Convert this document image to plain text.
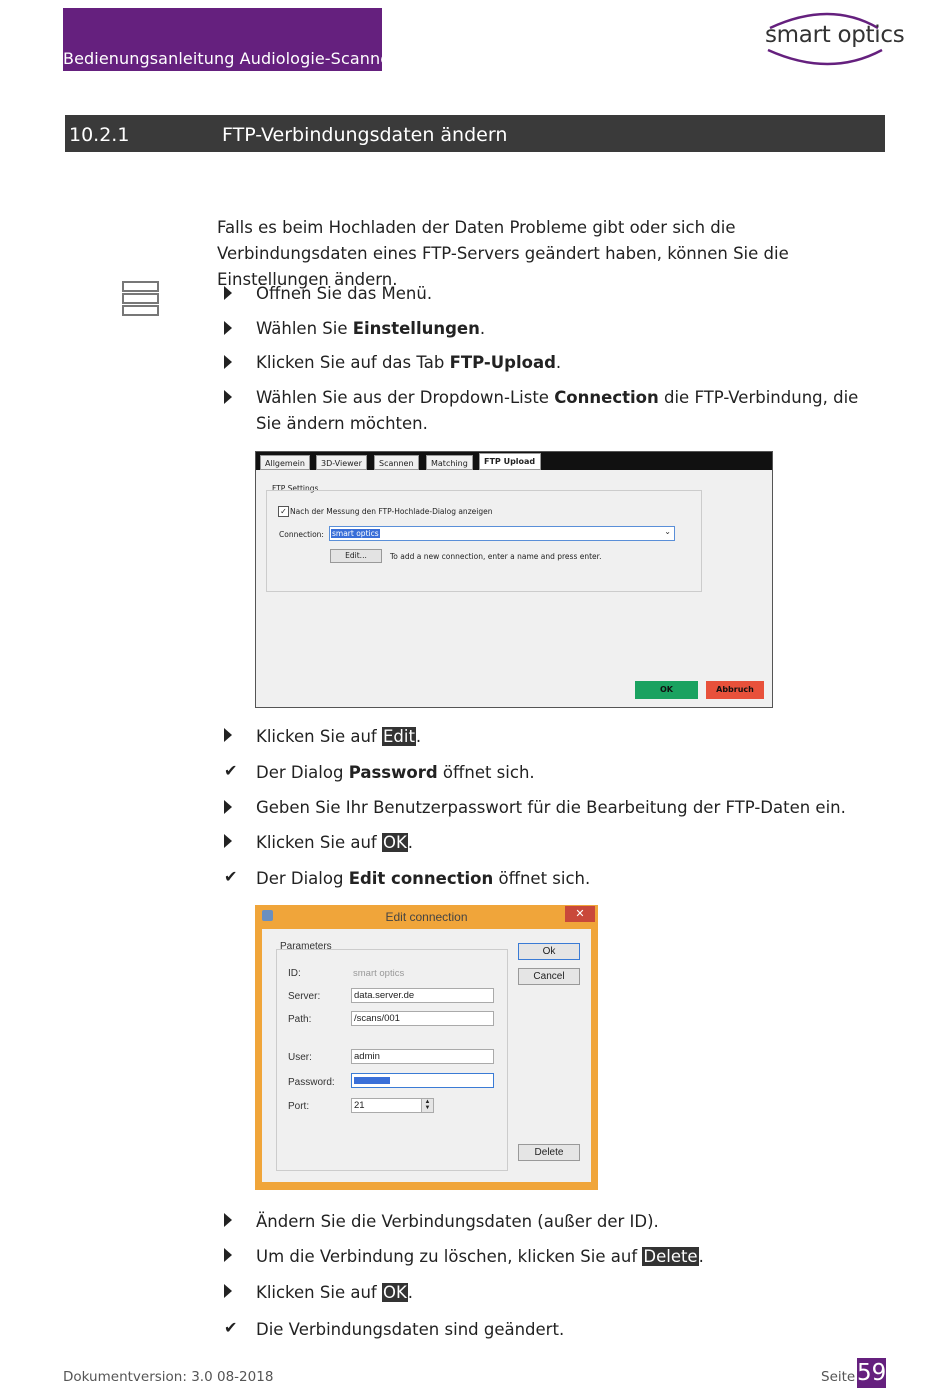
Bedienungsanleitung Audiologie-Scanner
smart optics
10.2.1	FTP-Verbindungsdaten ändern
Falls es beim Hochladen der Daten Probleme gibt oder sich die Verbindungsdaten eines FTP-Servers geändert haben, können Sie die Einstellungen ändern.
Öffnen Sie das Menü.
Wählen Sie Einstellungen.
Klicken Sie auf das Tab FTP-Upload.
Wählen Sie aus der Dropdown-Liste Connection die FTP-Verbindung, die Sie ändern möchten.
Allgemein	3D-Viewer	Scannen	Matching	FTP Upload
FTP Settings
✓ Nach der Messung den FTP-Hochlade-Dialog anzeigen
Connection: smart optics	⌄
Edit...	To add a new connection, enter a name and press enter.
OK	Abbruch
Klicken Sie auf Edit.
✔ Der Dialog Password öffnet sich.
Geben Sie Ihr Benutzerpasswort für die Bearbeitung der FTP-Daten ein.
Klicken Sie auf OK.
✔ Der Dialog Edit connection öffnet sich.
Edit connection	✕
Parameters
ID:	smart optics
Server:	data.server.de
Path:	/scans/001
User:	admin
Password:
Port:	21	▲
▼
Ok
Cancel
Delete
Ändern Sie die Verbindungsdaten (außer der ID).
Um die Verbindung zu löschen, klicken Sie auf Delete.
Klicken Sie auf OK.
✔ Die Verbindungsdaten sind geändert.
Dokumentversion: 3.0 08-2018	Seite 59
